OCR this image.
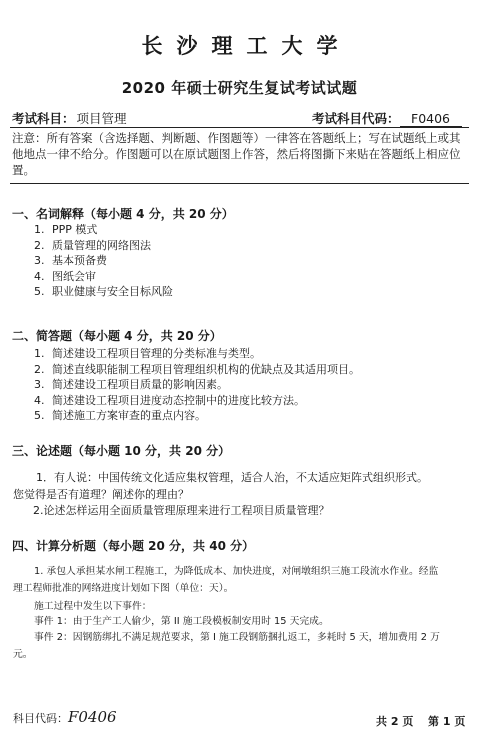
长沙理工大学
2020 年硕士研究生复试考试试题
考试科目： 项目管理	考试科目代码： F0406
注意：所有答案（含选择题、判断题、作图题等）一律答在答题纸上；写在试题纸上或其他地点一律不给分。作图题可以在原试题图上作答，然后将图撕下来贴在答题纸上相应位置。
一、名词解释（每小题 4 分，共 20 分）
1. PPP 模式
2. 质量管理的网络图法
3. 基本预备费
4. 图纸会审
5. 职业健康与安全目标风险
二、简答题（每小题 4 分，共 20 分）
1. 简述建设工程项目管理的分类标准与类型。
2. 简述直线职能制工程项目管理组织机构的优缺点及其适用项目。
3. 简述建设工程项目质量的影响因素。
4. 简述建设工程项目进度动态控制中的进度比较方法。
5. 简述施工方案审查的重点内容。
三、论述题（每小题 10 分，共 20 分）
1．有人说：中国传统文化适应集权管理，适合人治，不太适应矩阵式组织形式。
您觉得是否有道理？阐述你的理由？
2.论述怎样运用全面质量管理原理来进行工程项目质量管理？
四、计算分析题（每小题 20 分，共 40 分）
1. 承包人承担某水闸工程施工，为降低成本、加快进度，对闸墩组织三施工段流水作业。经监
理工程师批准的网络进度计划如下图（单位：天）。
施工过程中发生以下事件：
事件 1：由于生产工人偷少，第 II 施工段模板制安用时 15 天完成。
事件 2：因钢筋绑扎不满足规范要求，第 I 施工段钢筋捆扎返工，多耗时 5 天，增加费用 2 万
元。
科目代码：F0406	共 2 页 第 1 页
